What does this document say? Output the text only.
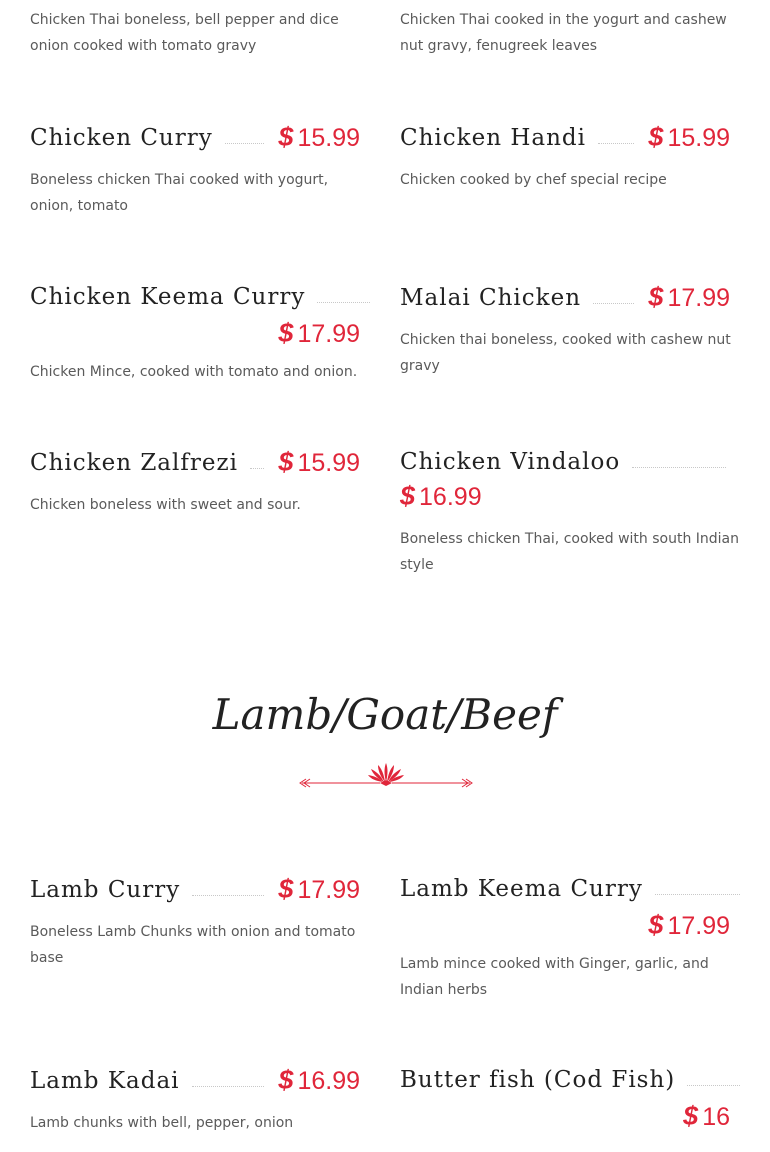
Chicken Thai boneless, bell pepper and dice onion cooked with tomato gravy
Chicken Thai cooked in the yogurt and cashew nut gravy, fenugreek leaves
Chicken Curry $ 15.99
Boneless chicken Thai cooked with yogurt, onion, tomato
Chicken Handi $ 15.99
Chicken cooked by chef special recipe
Chicken Keema Curry
$ 17.99
Chicken Mince, cooked with tomato and onion.
Malai Chicken $ 17.99
Chicken thai boneless, cooked with cashew nut gravy
Chicken Zalfrezi $ 15.99
Chicken boneless with sweet and sour.
Chicken Vindaloo
$ 16.99
Boneless chicken Thai, cooked with south Indian style
Lamb/Goat/Beef
Lamb Curry	$ 17.99
Boneless Lamb Chunks with onion and tomato base
Lamb Keema Curry
$ 17.99
Lamb mince cooked with Ginger, garlic, and Indian herbs
Lamb Kadai	$ 16.99
Lamb chunks with bell, pepper, onion
Butter fish (Cod Fish)
$ 16
